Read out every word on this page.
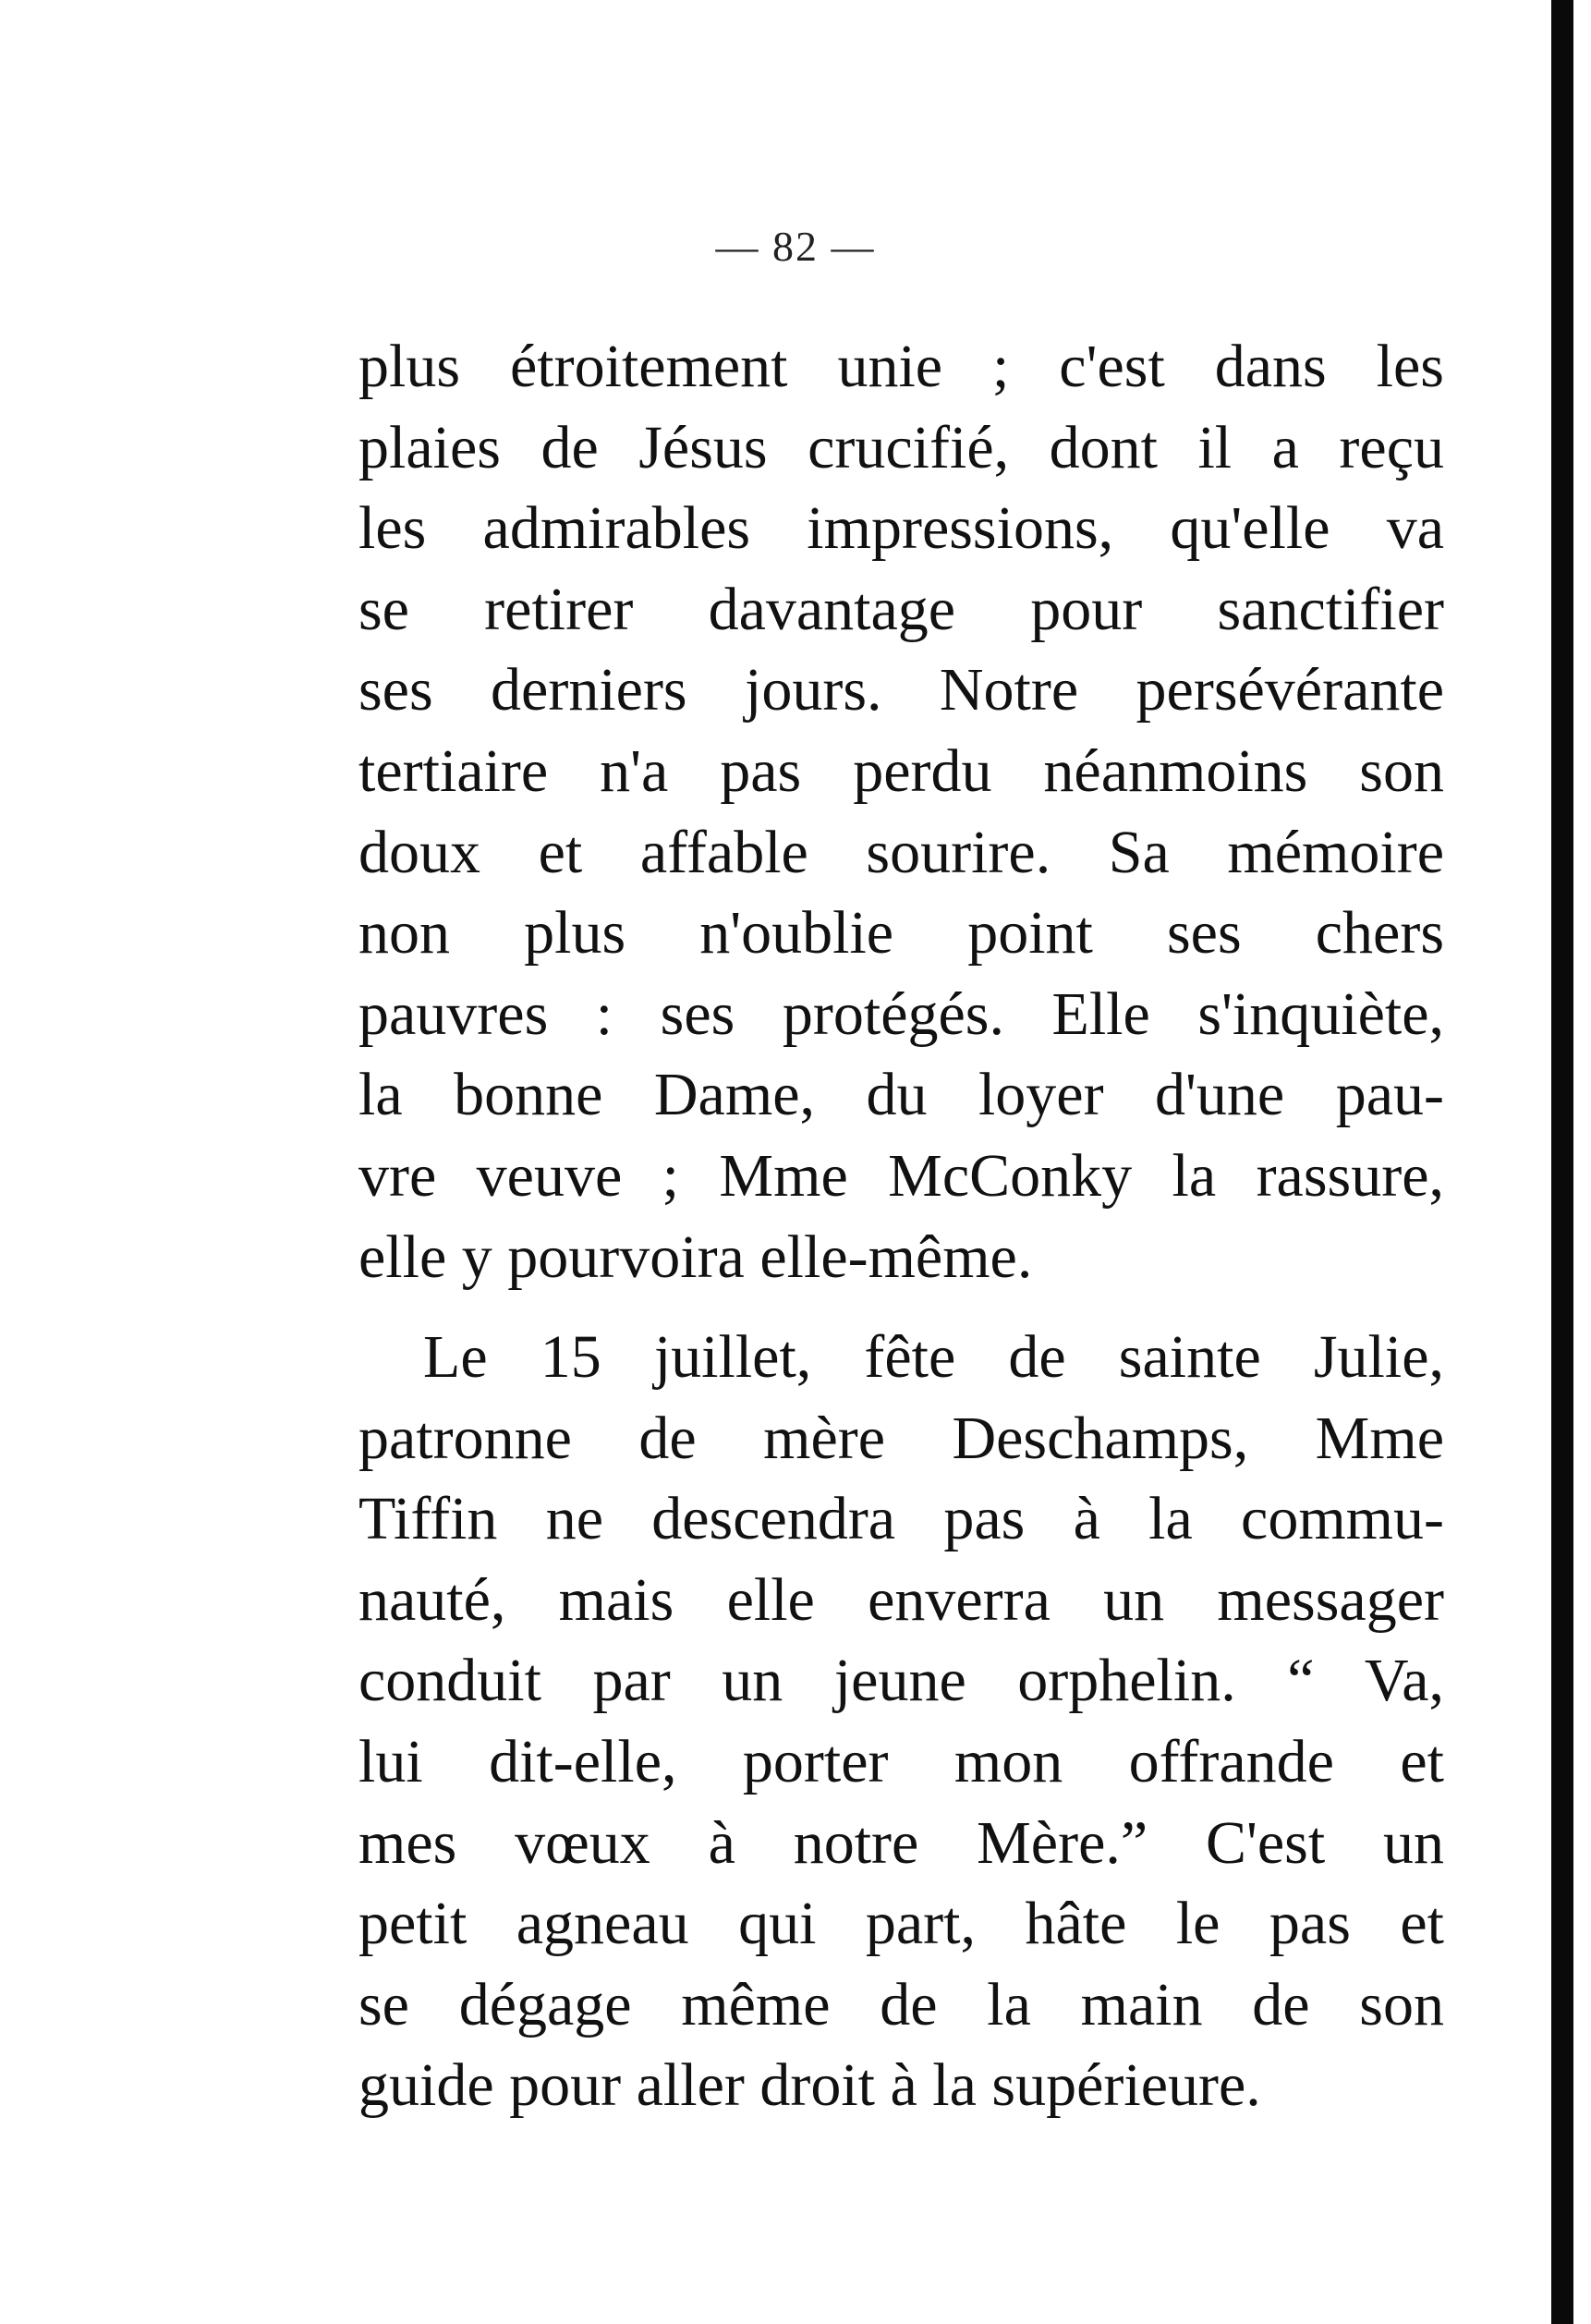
— 82 —
plus étroitement unie ; c'est dans les
plaies de Jésus crucifié, dont il a reçu
les admirables impressions, qu'elle va
se retirer davantage pour sanctifier
ses derniers jours. Notre persévérante
tertiaire n'a pas perdu néanmoins son
doux et affable sourire. Sa mémoire
non plus n'oublie point ses chers
pauvres : ses protégés. Elle s'inquiète,
la bonne Dame, du loyer d'une pau-
vre veuve ; Mme McConky la rassure,
elle y pourvoira elle-même.
Le 15 juillet, fête de sainte Julie,
patronne de mère Deschamps, Mme
Tiffin ne descendra pas à la commu-
nauté, mais elle enverra un messager
conduit par un jeune orphelin. “ Va,
lui dit-elle, porter mon offrande et
mes vœux à notre Mère.” C'est un
petit agneau qui part, hâte le pas et
se dégage même de la main de son
guide pour aller droit à la supérieure.
